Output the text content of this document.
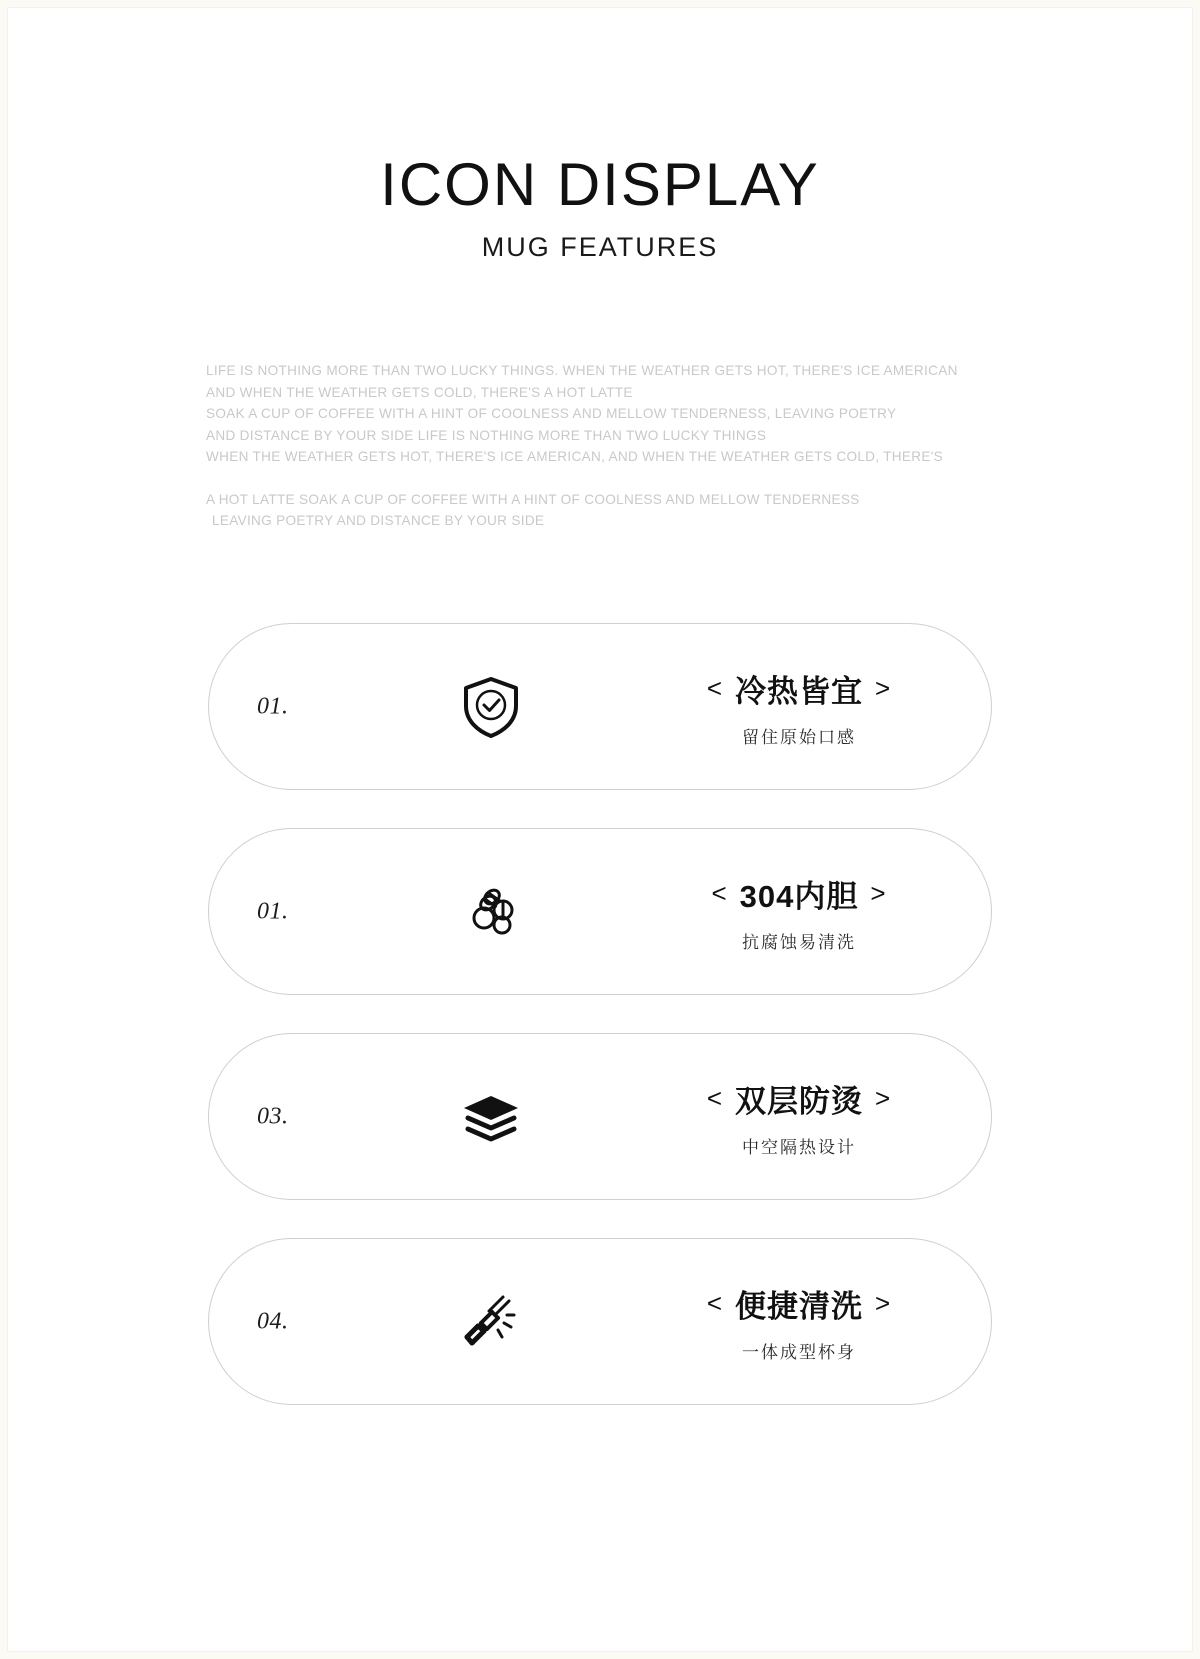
ICON DISPLAY
MUG FEATURES

LIFE IS NOTHING MORE THAN TWO LUCKY THINGS. WHEN THE WEATHER GETS HOT, THERE'S ICE AMERICAN

AND WHEN THE WEATHER GETS COLD, THERE'S A HOT LATTE

SOAK A CUP OF COFFEE WITH A HINT OF COOLNESS AND MELLOW TENDERNESS, LEAVING POETRY

AND DISTANCE BY YOUR SIDE LIFE IS NOTHING MORE THAN TWO LUCKY THINGS

WHEN THE WEATHER GETS HOT, THERE'S ICE AMERICAN, AND WHEN THE WEATHER GETS COLD, THERE'S

A HOT LATTE SOAK A CUP OF COFFEE WITH A HINT OF COOLNESS AND MELLOW TENDERNESS

LEAVING POETRY AND DISTANCE BY YOUR SIDE

01.
< 冷热皆宜 >
留住原始口感
01.
< 304内胆 >
抗腐蚀易清洗
03.
< 双层防烫 >
中空隔热设计
04.
< 便捷清洗 >
一体成型杯身
